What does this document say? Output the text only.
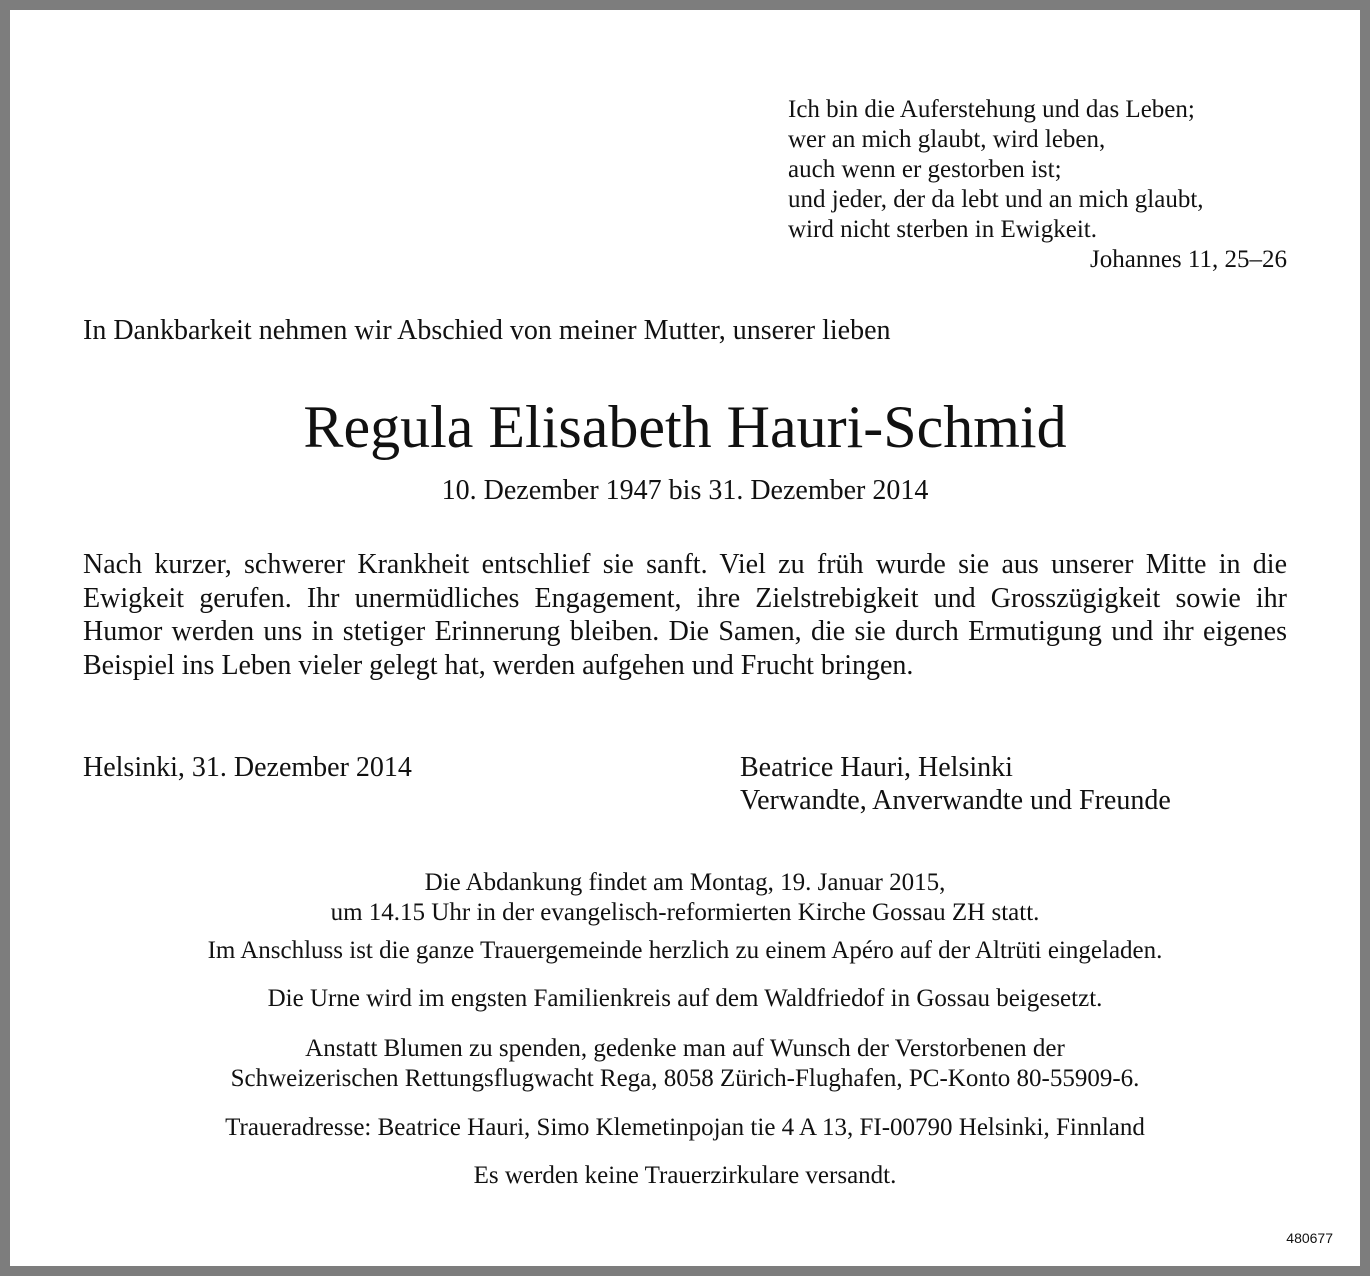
Ich bin die Auferstehung und das Leben;
wer an mich glaubt, wird leben,
auch wenn er gestorben ist;
und jeder, der da lebt und an mich glaubt,
wird nicht sterben in Ewigkeit.
Johannes 11, 25–26
In Dankbarkeit nehmen wir Abschied von meiner Mutter, unserer lieben
Regula Elisabeth Hauri-Schmid
10. Dezember 1947 bis 31. Dezember 2014
Nach kurzer, schwerer Krankheit entschlief sie sanft. Viel zu früh wurde sie aus unserer Mitte in die Ewigkeit gerufen. Ihr unermüdliches Engagement, ihre Zielstrebigkeit und Grosszügigkeit sowie ihr Humor werden uns in stetiger Erinnerung bleiben. Die Samen, die sie durch Ermutigung und ihr eigenes Beispiel ins Leben vieler gelegt hat, werden aufgehen und Frucht bringen.
Helsinki, 31. Dezember 2014	Beatrice Hauri, Helsinki
Verwandte, Anverwandte und Freunde
Die Abdankung findet am Montag, 19. Januar 2015,
um 14.15 Uhr in der evangelisch-reformierten Kirche Gossau ZH statt.
Im Anschluss ist die ganze Trauergemeinde herzlich zu einem Apéro auf der Altrüti eingeladen.
Die Urne wird im engsten Familienkreis auf dem Waldfriedof in Gossau beigesetzt.
Anstatt Blumen zu spenden, gedenke man auf Wunsch der Verstorbenen der
Schweizerischen Rettungsflugwacht Rega, 8058 Zürich-Flughafen, PC-Konto 80-55909-6.
Traueradresse: Beatrice Hauri, Simo Klemetinpojan tie 4 A 13, FI-00790 Helsinki, Finnland
Es werden keine Trauerzirkulare versandt.
480677
